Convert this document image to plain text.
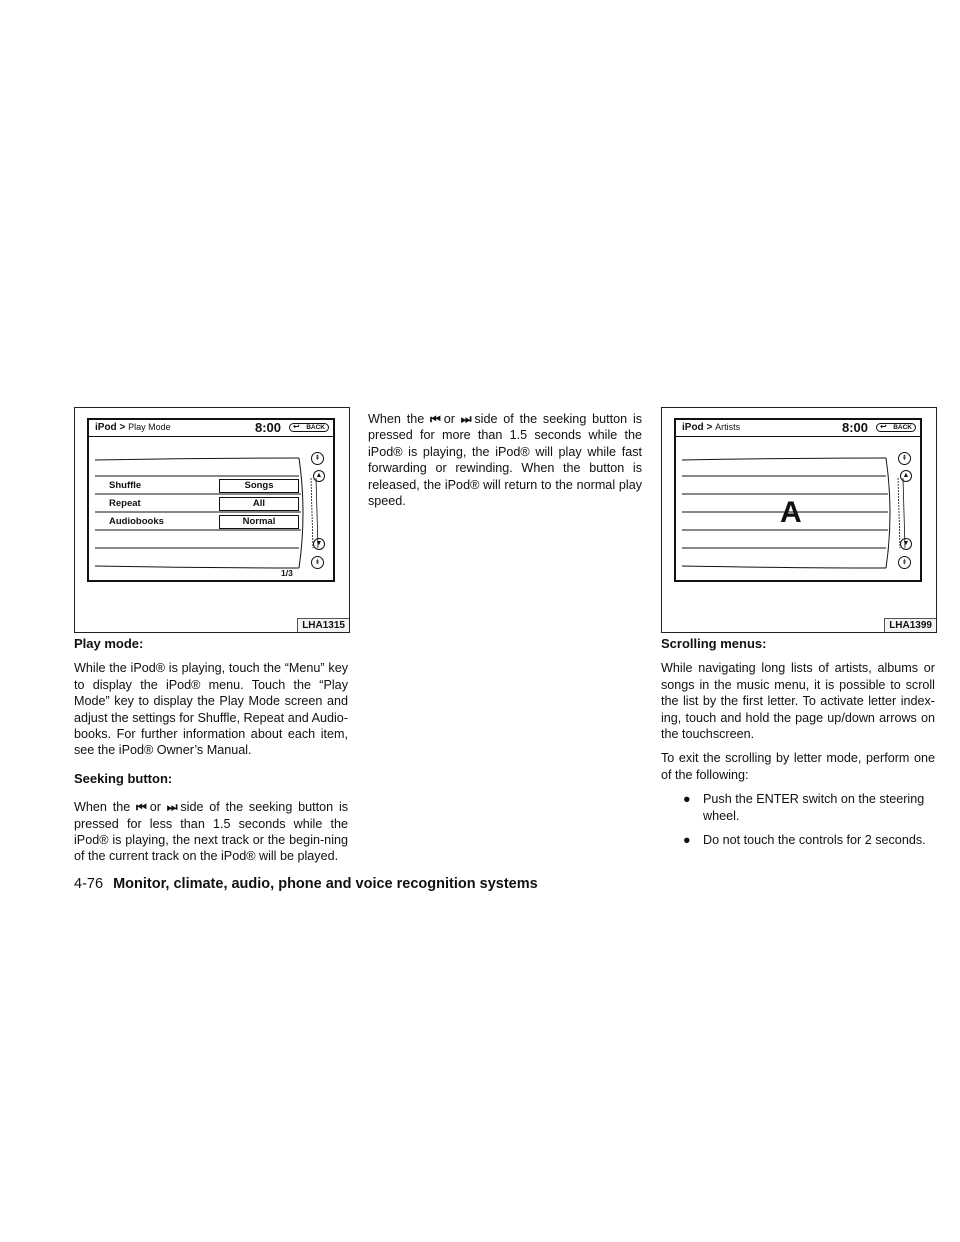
iPod > Play Mode	8:00 ↩ BACK
⇞
▲
▼
⇟
Shuffle	Songs
Repeat	All
Audiobooks	Normal
1/3
LHA1315
iPod > Artists	8:00 ↩ BACK
⇞
▲
▼
⇟
A
LHA1399
Play mode:

While the iPod® is playing, touch the “Menu” key to display the iPod® menu. Touch the “Play Mode” key to display the Play Mode screen and adjust the settings for Shuffle, Repeat and Audio-books. For further information about each item, see the iPod® Owner’s Manual.

Seeking button:

When the ⏮ or ⏭ side of the seeking button is pressed for less than 1.5 seconds while the iPod® is playing, the next track or the begin-ning of the current track on the iPod® will be played.

When the ⏮ or ⏭ side of the seeking button is pressed for more than 1.5 seconds while the iPod® is playing, the iPod® will play while fast forwarding or rewinding. When the button is released, the iPod® will return to the normal play speed.

Scrolling menus:

While navigating long lists of artists, albums or songs in the music menu, it is possible to scroll the list by the first letter. To activate letter index-ing, touch and hold the page up/down arrows on the touchscreen.

To exit the scrolling by letter mode, perform one of the following:

● Push the ENTER switch on the steering wheel.
● Do not touch the controls for 2 seconds.
4-76 Monitor, climate, audio, phone and voice recognition systems
